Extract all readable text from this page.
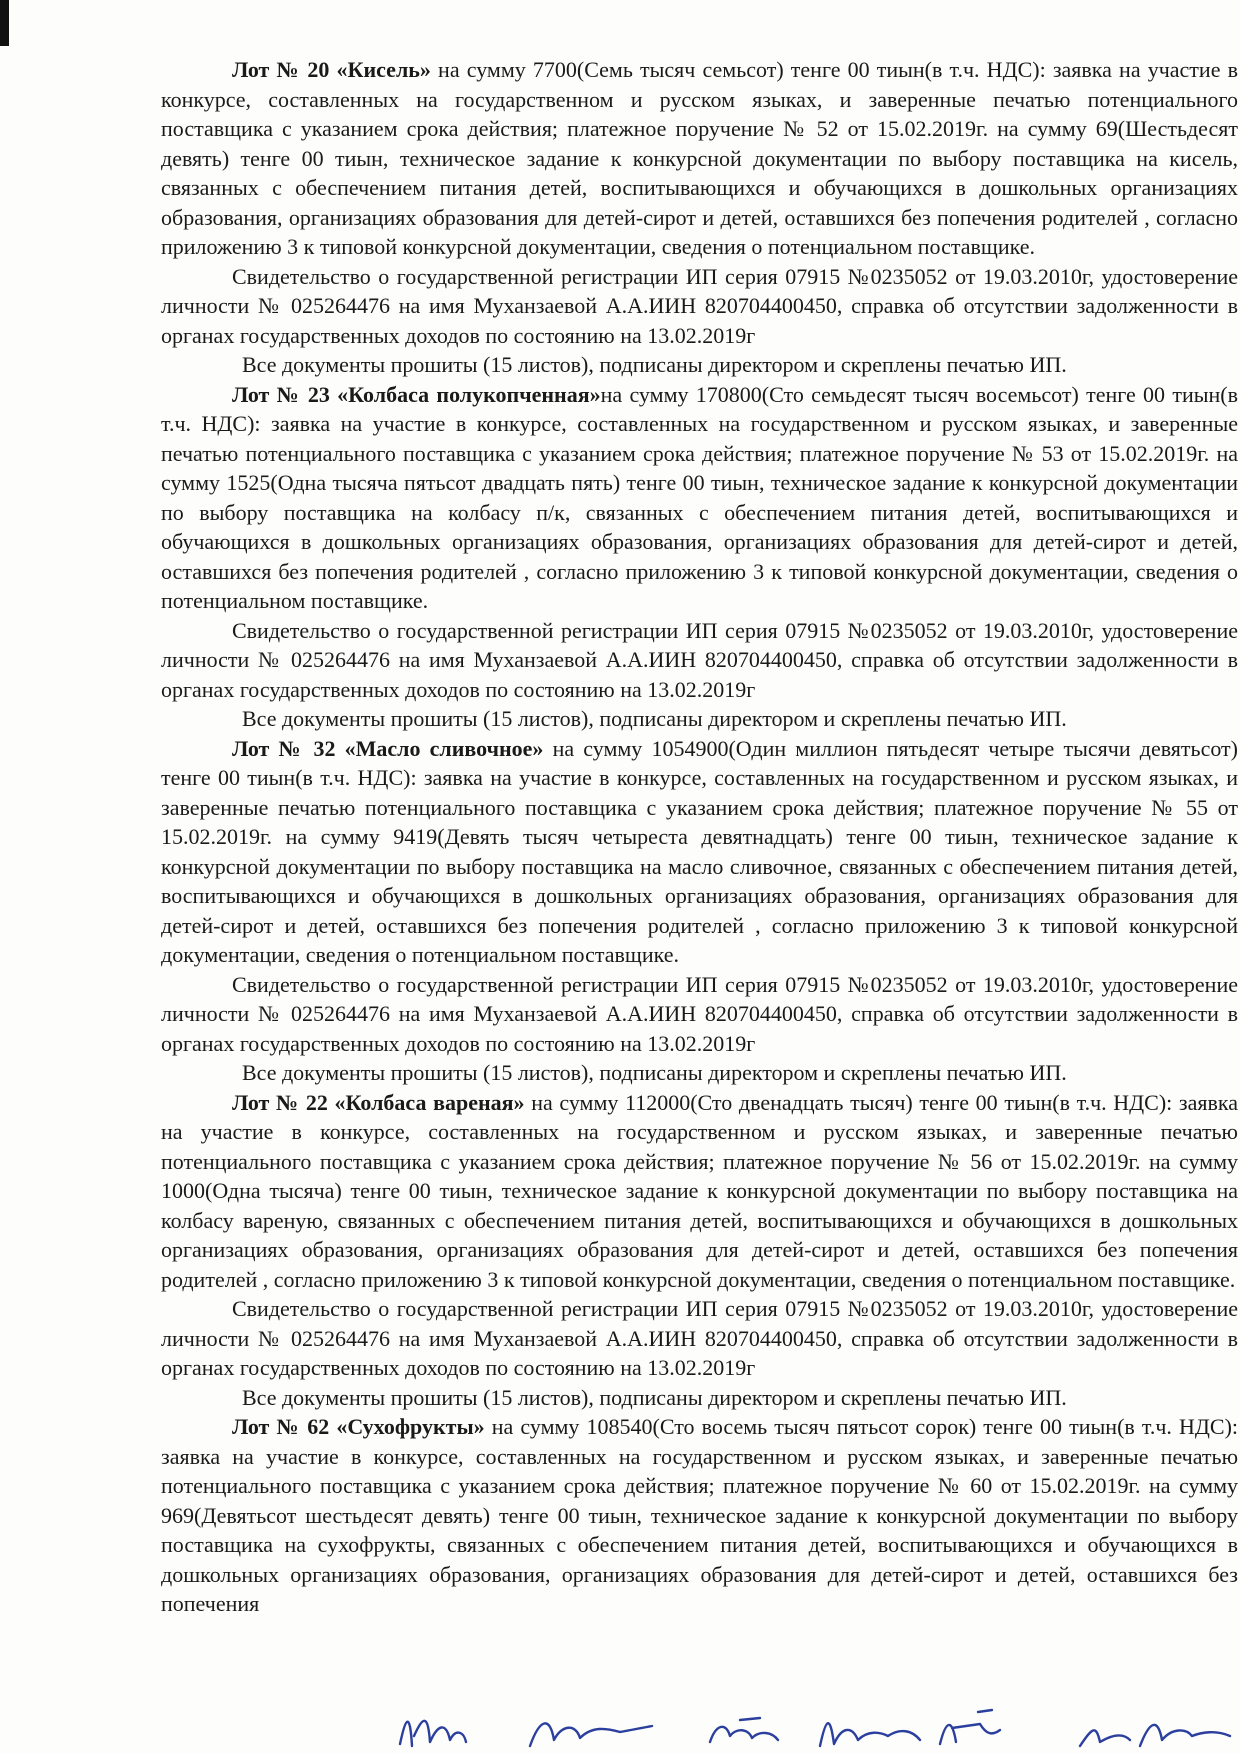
Лот № 20 «Кисель» на сумму 7700(Семь тысяч семьсот) тенге 00 тиын(в т.ч. НДС): заявка на участие в конкурсе, составленных на государственном и русском языках, и заверенные печатью потенциального поставщика с указанием срока действия; платежное поручение № 52 от 15.02.2019г. на сумму 69(Шестьдесят девять) тенге 00 тиын, техническое задание к конкурсной документации по выбору поставщика на кисель, связанных с обеспечением питания детей, воспитывающихся и обучающихся в дошкольных организациях образования, организациях образования для детей-сирот и детей, оставшихся без попечения родителей , согласно приложению 3 к типовой конкурсной документации, сведения о потенциальном поставщике.

Свидетельство о государственной регистрации ИП серия 07915 №0235052 от 19.03.2010г, удостоверение личности № 025264476 на имя Муханзаевой А.А.ИИН 820704400450, справка об отсутствии задолженности в органах государственных доходов по состоянию на 13.02.2019г

Все документы прошиты (15 листов), подписаны директором и скреплены печатью ИП.

Лот № 23 «Колбаса полукопченная»на сумму 170800(Сто семьдесят тысяч восемьсот) тенге 00 тиын(в т.ч. НДС): заявка на участие в конкурсе, составленных на государственном и русском языках, и заверенные печатью потенциального поставщика с указанием срока действия; платежное поручение № 53 от 15.02.2019г. на сумму 1525(Одна тысяча пятьсот двадцать пять) тенге 00 тиын, техническое задание к конкурсной документации по выбору поставщика на колбасу п/к, связанных с обеспечением питания детей, воспитывающихся и обучающихся в дошкольных организациях образования, организациях образования для детей-сирот и детей, оставшихся без попечения родителей , согласно приложению 3 к типовой конкурсной документации, сведения о потенциальном поставщике.

Свидетельство о государственной регистрации ИП серия 07915 №0235052 от 19.03.2010г, удостоверение личности № 025264476 на имя Муханзаевой А.А.ИИН 820704400450, справка об отсутствии задолженности в органах государственных доходов по состоянию на 13.02.2019г

Все документы прошиты (15 листов), подписаны директором и скреплены печатью ИП.

Лот № 32 «Масло сливочное» на сумму 1054900(Один миллион пятьдесят четыре тысячи девятьсот) тенге 00 тиын(в т.ч. НДС): заявка на участие в конкурсе, составленных на государственном и русском языках, и заверенные печатью потенциального поставщика с указанием срока действия; платежное поручение № 55 от 15.02.2019г. на сумму 9419(Девять тысяч четыреста девятнадцать) тенге 00 тиын, техническое задание к конкурсной документации по выбору поставщика на масло сливочное, связанных с обеспечением питания детей, воспитывающихся и обучающихся в дошкольных организациях образования, организациях образования для детей-сирот и детей, оставшихся без попечения родителей , согласно приложению 3 к типовой конкурсной документации, сведения о потенциальном поставщике.

Свидетельство о государственной регистрации ИП серия 07915 №0235052 от 19.03.2010г, удостоверение личности № 025264476 на имя Муханзаевой А.А.ИИН 820704400450, справка об отсутствии задолженности в органах государственных доходов по состоянию на 13.02.2019г

Все документы прошиты (15 листов), подписаны директором и скреплены печатью ИП.

Лот № 22 «Колбаса вареная» на сумму 112000(Сто двенадцать тысяч) тенге 00 тиын(в т.ч. НДС): заявка на участие в конкурсе, составленных на государственном и русском языках, и заверенные печатью потенциального поставщика с указанием срока действия; платежное поручение № 56 от 15.02.2019г. на сумму 1000(Одна тысяча) тенге 00 тиын, техническое задание к конкурсной документации по выбору поставщика на колбасу вареную, связанных с обеспечением питания детей, воспитывающихся и обучающихся в дошкольных организациях образования, организациях образования для детей-сирот и детей, оставшихся без попечения родителей , согласно приложению 3 к типовой конкурсной документации, сведения о потенциальном поставщике.

Свидетельство о государственной регистрации ИП серия 07915 №0235052 от 19.03.2010г, удостоверение личности № 025264476 на имя Муханзаевой А.А.ИИН 820704400450, справка об отсутствии задолженности в органах государственных доходов по состоянию на 13.02.2019г

Все документы прошиты (15 листов), подписаны директором и скреплены печатью ИП.

Лот № 62 «Сухофрукты» на сумму 108540(Сто восемь тысяч пятьсот сорок) тенге 00 тиын(в т.ч. НДС): заявка на участие в конкурсе, составленных на государственном и русском языках, и заверенные печатью потенциального поставщика с указанием срока действия; платежное поручение № 60 от 15.02.2019г. на сумму 969(Девятьсот шестьдесят девять) тенге 00 тиын, техническое задание к конкурсной документации по выбору поставщика на сухофрукты, связанных с обеспечением питания детей, воспитывающихся и обучающихся в дошкольных организациях образования, организациях образования для детей-сирот и детей, оставшихся без попечения
